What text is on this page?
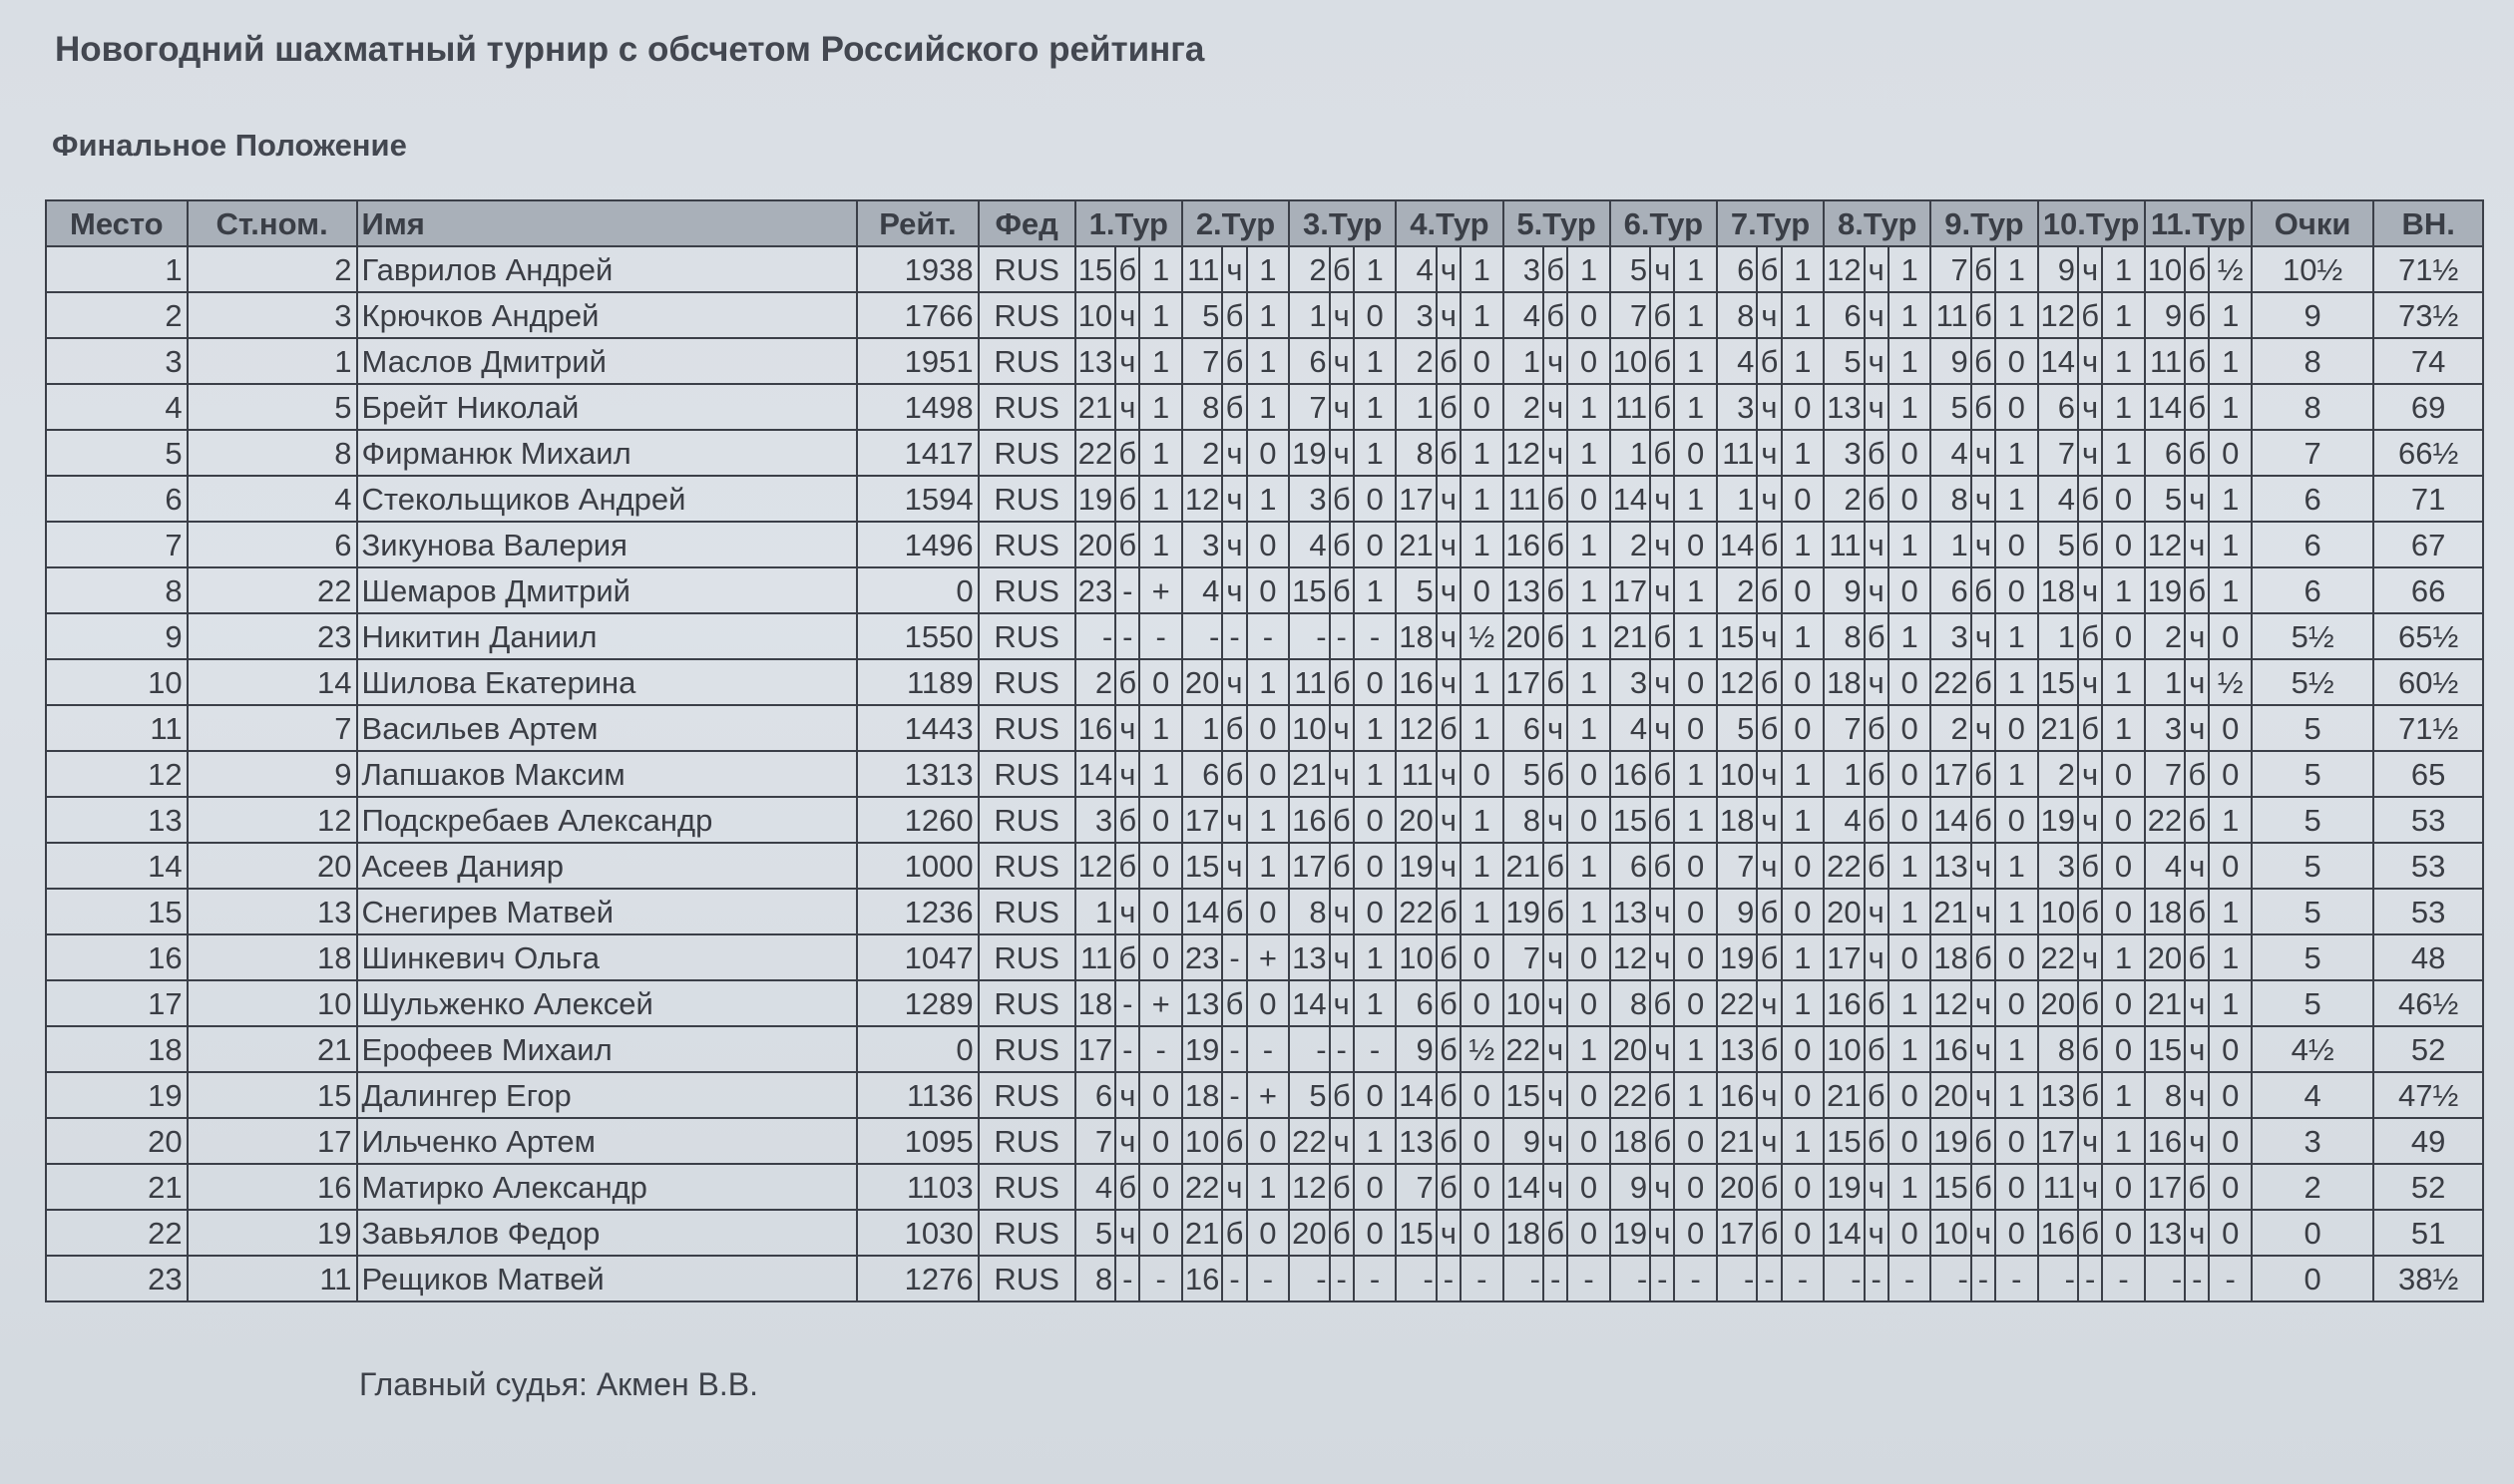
Новогодний шахматный турнир с обсчетом Российского рейтинга
Финальное Положение
Место	Ст.ном.	Имя	Рейт.	Фед	1.Тур			2.Тур			3.Тур			4.Тур			5.Тур			6.Тур			7.Тур			8.Тур			9.Тур			10.Тур			11.Тур			Очки	ВН.
1	2	Гаврилов Андрей	1938	RUS	15	б	1	11	ч	1	2	б	1	4	ч	1	3	б	1	5	ч	1	6	б	1	12	ч	1	7	б	1	9	ч	1	10	б	½	10½	71½
2	3	Крючков Андрей	1766	RUS	10	ч	1	5	б	1	1	ч	0	3	ч	1	4	б	0	7	б	1	8	ч	1	6	ч	1	11	б	1	12	б	1	9	б	1	9	73½
3	1	Маслов Дмитрий	1951	RUS	13	ч	1	7	б	1	6	ч	1	2	б	0	1	ч	0	10	б	1	4	б	1	5	ч	1	9	б	0	14	ч	1	11	б	1	8	74
4	5	Брейт Николай	1498	RUS	21	ч	1	8	б	1	7	ч	1	1	б	0	2	ч	1	11	б	1	3	ч	0	13	ч	1	5	б	0	6	ч	1	14	б	1	8	69
5	8	Фирманюк Михаил	1417	RUS	22	б	1	2	ч	0	19	ч	1	8	б	1	12	ч	1	1	б	0	11	ч	1	3	б	0	4	ч	1	7	ч	1	6	б	0	7	66½
6	4	Стекольщиков Андрей	1594	RUS	19	б	1	12	ч	1	3	б	0	17	ч	1	11	б	0	14	ч	1	1	ч	0	2	б	0	8	ч	1	4	б	0	5	ч	1	6	71
7	6	Зикунова Валерия	1496	RUS	20	б	1	3	ч	0	4	б	0	21	ч	1	16	б	1	2	ч	0	14	б	1	11	ч	1	1	ч	0	5	б	0	12	ч	1	6	67
8	22	Шемаров Дмитрий	0	RUS	23	-	+	4	ч	0	15	б	1	5	ч	0	13	б	1	17	ч	1	2	б	0	9	ч	0	6	б	0	18	ч	1	19	б	1	6	66
9	23	Никитин Даниил	1550	RUS	-	-	-	-	-	-	-	-	-	18	ч	½	20	б	1	21	б	1	15	ч	1	8	б	1	3	ч	1	1	б	0	2	ч	0	5½	65½
10	14	Шилова Екатерина	1189	RUS	2	б	0	20	ч	1	11	б	0	16	ч	1	17	б	1	3	ч	0	12	б	0	18	ч	0	22	б	1	15	ч	1	1	ч	½	5½	60½
11	7	Васильев Артем	1443	RUS	16	ч	1	1	б	0	10	ч	1	12	б	1	6	ч	1	4	ч	0	5	б	0	7	б	0	2	ч	0	21	б	1	3	ч	0	5	71½
12	9	Лапшаков Максим	1313	RUS	14	ч	1	6	б	0	21	ч	1	11	ч	0	5	б	0	16	б	1	10	ч	1	1	б	0	17	б	1	2	ч	0	7	б	0	5	65
13	12	Подскребаев Александр	1260	RUS	3	б	0	17	ч	1	16	б	0	20	ч	1	8	ч	0	15	б	1	18	ч	1	4	б	0	14	б	0	19	ч	0	22	б	1	5	53
14	20	Асеев Данияр	1000	RUS	12	б	0	15	ч	1	17	б	0	19	ч	1	21	б	1	6	б	0	7	ч	0	22	б	1	13	ч	1	3	б	0	4	ч	0	5	53
15	13	Снегирев Матвей	1236	RUS	1	ч	0	14	б	0	8	ч	0	22	б	1	19	б	1	13	ч	0	9	б	0	20	ч	1	21	ч	1	10	б	0	18	б	1	5	53
16	18	Шинкевич Ольга	1047	RUS	11	б	0	23	-	+	13	ч	1	10	б	0	7	ч	0	12	ч	0	19	б	1	17	ч	0	18	б	0	22	ч	1	20	б	1	5	48
17	10	Шульженко Алексей	1289	RUS	18	-	+	13	б	0	14	ч	1	6	б	0	10	ч	0	8	б	0	22	ч	1	16	б	1	12	ч	0	20	б	0	21	ч	1	5	46½
18	21	Ерофеев Михаил	0	RUS	17	-	-	19	-	-	-	-	-	9	б	½	22	ч	1	20	ч	1	13	б	0	10	б	1	16	ч	1	8	б	0	15	ч	0	4½	52
19	15	Далингер Егор	1136	RUS	6	ч	0	18	-	+	5	б	0	14	б	0	15	ч	0	22	б	1	16	ч	0	21	б	0	20	ч	1	13	б	1	8	ч	0	4	47½
20	17	Ильченко Артем	1095	RUS	7	ч	0	10	б	0	22	ч	1	13	б	0	9	ч	0	18	б	0	21	ч	1	15	б	0	19	б	0	17	ч	1	16	ч	0	3	49
21	16	Матирко Александр	1103	RUS	4	б	0	22	ч	1	12	б	0	7	б	0	14	ч	0	9	ч	0	20	б	0	19	ч	1	15	б	0	11	ч	0	17	б	0	2	52
22	19	Завьялов Федор	1030	RUS	5	ч	0	21	б	0	20	б	0	15	ч	0	18	б	0	19	ч	0	17	б	0	14	ч	0	10	ч	0	16	б	0	13	ч	0	0	51
23	11	Рещиков Матвей	1276	RUS	8	-	-	16	-	-	-	-	-	-	-	-	-	-	-	-	-	-	-	-	-	-	-	-	-	-	-	-	-	-	-	-	-	0	38½
Главный судья: Акмен В.В.
